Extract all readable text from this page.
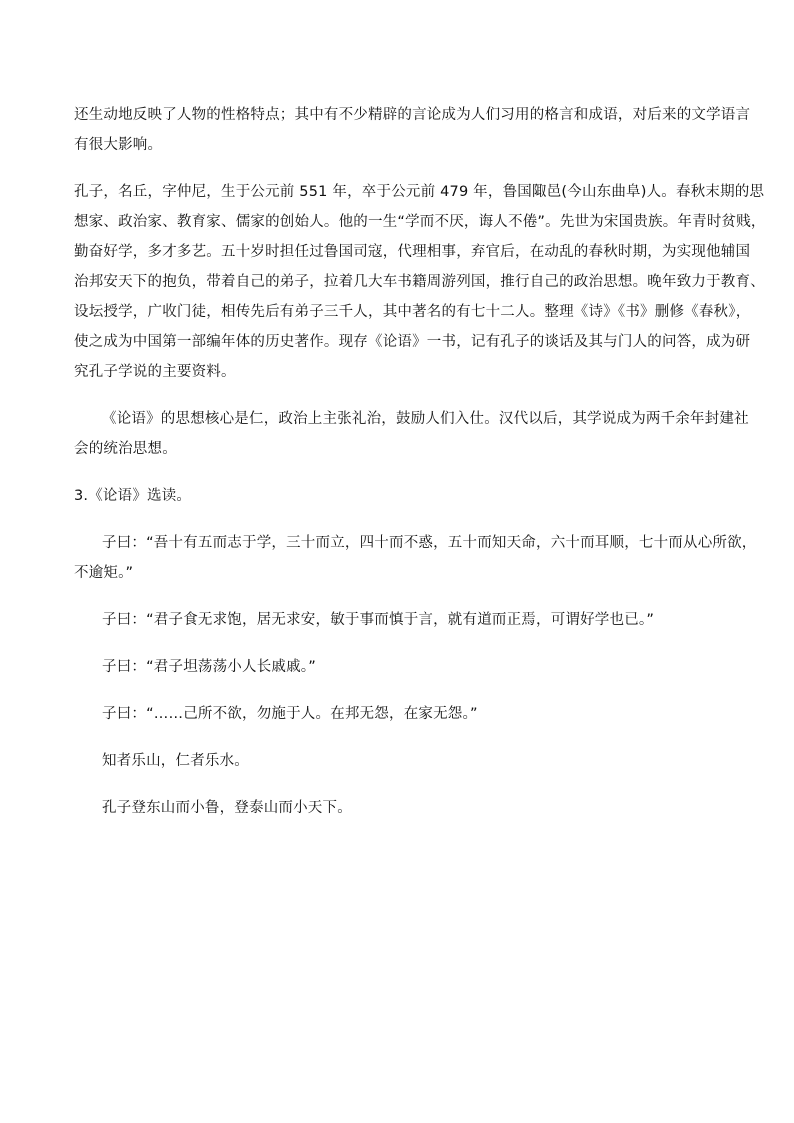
还生动地反映了人物的性格特点；其中有不少精辟的言论成为人们习用的格言和成语，对后来的文学语言
有很大影响。

孔子，名丘，字仲尼，生于公元前 551 年，卒于公元前 479 年，鲁国陬邑(今山东曲阜)人。春秋末期的思
想家、政治家、教育家、儒家的创始人。他的一生“学而不厌，诲人不倦”。先世为宋国贵族。年青时贫贱，
勤奋好学，多才多艺。五十岁时担任过鲁国司寇，代理相事，弃官后，在动乱的春秋时期，为实现他辅国
治邦安天下的抱负，带着自己的弟子，拉着几大车书籍周游列国，推行自己的政治思想。晚年致力于教育、
设坛授学，广收门徒，相传先后有弟子三千人，其中著名的有七十二人。整理《诗》《书》删修《春秋》，
使之成为中国第一部编年体的历史著作。现存《论语》一书，记有孔子的谈话及其与门人的问答，成为研
究孔子学说的主要资料。

《论语》的思想核心是仁，政治上主张礼治，鼓励人们入仕。汉代以后，其学说成为两千余年封建社
会的统治思想。

3.《论语》选读。

子曰：“吾十有五而志于学，三十而立，四十而不惑，五十而知天命，六十而耳顺，七十而从心所欲，
不逾矩。”

子曰：“君子食无求饱，居无求安，敏于事而慎于言，就有道而正焉，可谓好学也已。”

子曰：“君子坦荡荡小人长戚戚。”

子曰：“……己所不欲，勿施于人。在邦无怨，在家无怨。”

知者乐山，仁者乐水。

孔子登东山而小鲁，登泰山而小天下。
